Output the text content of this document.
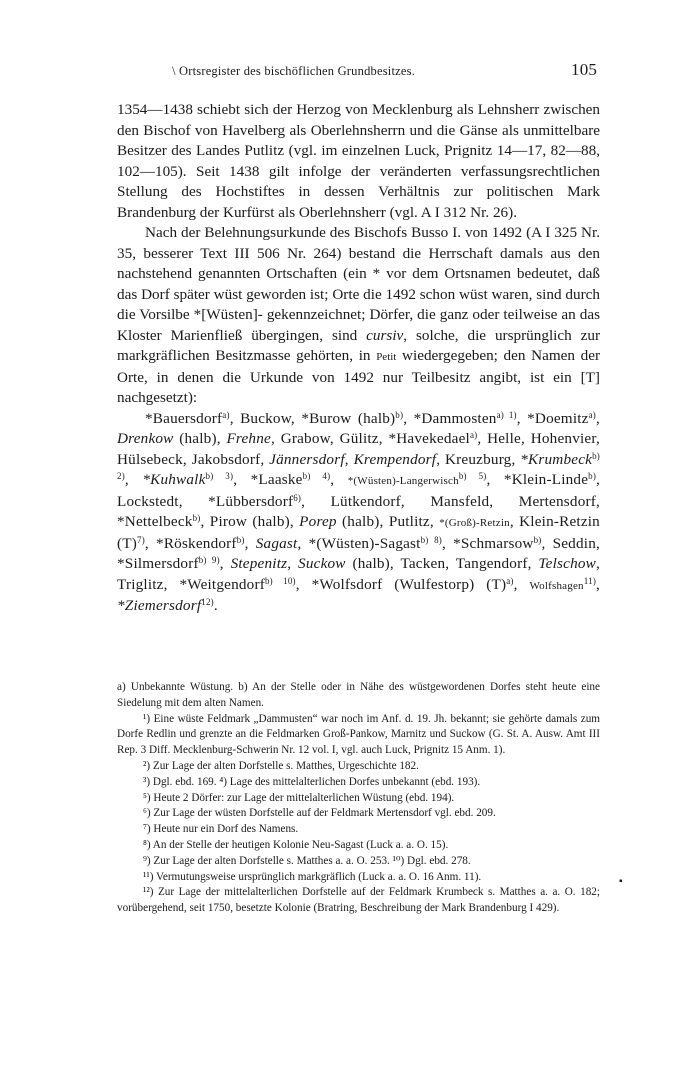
\ Ortsregister des bischöflichen Grundbesitzes.	105

1354—1438 schiebt sich der Herzog von Mecklenburg als Lehnsherr zwischen den Bischof von Havelberg als Oberlehnsherrn und die Gänse als unmittelbare Besitzer des Landes Putlitz (vgl. im einzelnen Luck, Prignitz 14—17, 82—88, 102—105). Seit 1438 gilt infolge der veränderten verfassungsrechtlichen Stellung des Hochstiftes in dessen Verhältnis zur politischen Mark Brandenburg der Kurfürst als Oberlehnsherr (vgl. A I 312 Nr. 26).

Nach der Belehnungsurkunde des Bischofs Busso I. von 1492 (A I 325 Nr. 35, besserer Text III 506 Nr. 264) bestand die Herrschaft damals aus den nachstehend genannten Ortschaften (ein * vor dem Ortsnamen bedeutet, daß das Dorf später wüst geworden ist; Orte die 1492 schon wüst waren, sind durch die Vorsilbe *[Wüsten]- gekennzeichnet; Dörfer, die ganz oder teilweise an das Kloster Marienfließ übergingen, sind cursiv, solche, die ursprünglich zur markgräflichen Besitzmasse gehörten, in Petit wiedergegeben; den Namen der Orte, in denen die Urkunde von 1492 nur Teilbesitz angibt, ist ein [T] nachgesetzt):

*Bauersdorf$^{a)}$, Buckow, *Burow (halb)$^{b)}$, *Dammosten$^{a) 1)}$, *Doemitz$^{a)}$, Drenkow (halb), Frehne, Grabow, Gülitz, *Havekedael$^{a)}$, Helle, Hohenvier, Hülsebeck, Jakobsdorf, Jännersdorf, Krempendorf, Kreuzburg, *Krumbeck$^{b) 2)}$, *Kuhwalk$^{b) 3)}$, *Laaske$^{b) 4)}$, *(Wüsten)-Langerwisch$^{b) 5)}$, *Klein-Linde$^{b)}$, Lockstedt, *Lübbersdorf$^{6)}$, Lütkendorf, Mansfeld, Mertensdorf, *Nettelbeck$^{b)}$, Pirow (halb), Porep (halb), Putlitz, *(Groß)-Retzin, Klein-Retzin $(T)^{7)}$, *Röskendorf$^{b)}$, Sagast, *(Wüsten)-Sagast$^{b) 8)}$, *Schmarsow$^{b)}$, Seddin, *Silmersdorf$^{b) 9)}$, Stepenitz, Suckow (halb), Tacken, Tangendorf, Telschow, Triglitz, *Weitgendorf$^{b) 10)}$, *Wolfsdorf (Wulfestorp) $(T)^{a)}$, Wolfshagen$^{11)}$, *Ziemersdorf$^{12)}$.

a) Unbekannte Wüstung. b) An der Stelle oder in Nähe des wüstgewordenen Dorfes steht heute eine Siedelung mit dem alten Namen.

¹) Eine wüste Feldmark „Dammusten“ war noch im Anf. d. 19. Jh. bekannt; sie gehörte damals zum Dorfe Redlin und grenzte an die Feldmarken Groß-Pankow, Marnitz und Suckow (G. St. A. Ausw. Amt III Rep. 3 Diff. Mecklenburg-Schwerin Nr. 12 vol. I, vgl. auch Luck, Prignitz 15 Anm. 1).

²) Zur Lage der alten Dorfstelle s. Matthes, Urgeschichte 182.

³) Dgl. ebd. 169. ⁴) Lage des mittelalterlichen Dorfes unbekannt (ebd. 193).

⁵) Heute 2 Dörfer: zur Lage der mittelalterlichen Wüstung (ebd. 194).

⁶) Zur Lage der wüsten Dorfstelle auf der Feldmark Mertensdorf vgl. ebd. 209.

⁷) Heute nur ein Dorf des Namens.

⁸) An der Stelle der heutigen Kolonie Neu-Sagast (Luck a. a. O. 15).

⁹) Zur Lage der alten Dorfstelle s. Matthes a. a. O. 253. ¹⁰) Dgl. ebd. 278.

¹¹) Vermutungsweise ursprünglich markgräflich (Luck a. a. O. 16 Anm. 11).

¹²) Zur Lage der mittelalterlichen Dorfstelle auf der Feldmark Krumbeck s. Matthes a. a. O. 182; vorübergehend, seit 1750, besetzte Kolonie (Bratring, Beschreibung der Mark Brandenburg I 429).

▪
